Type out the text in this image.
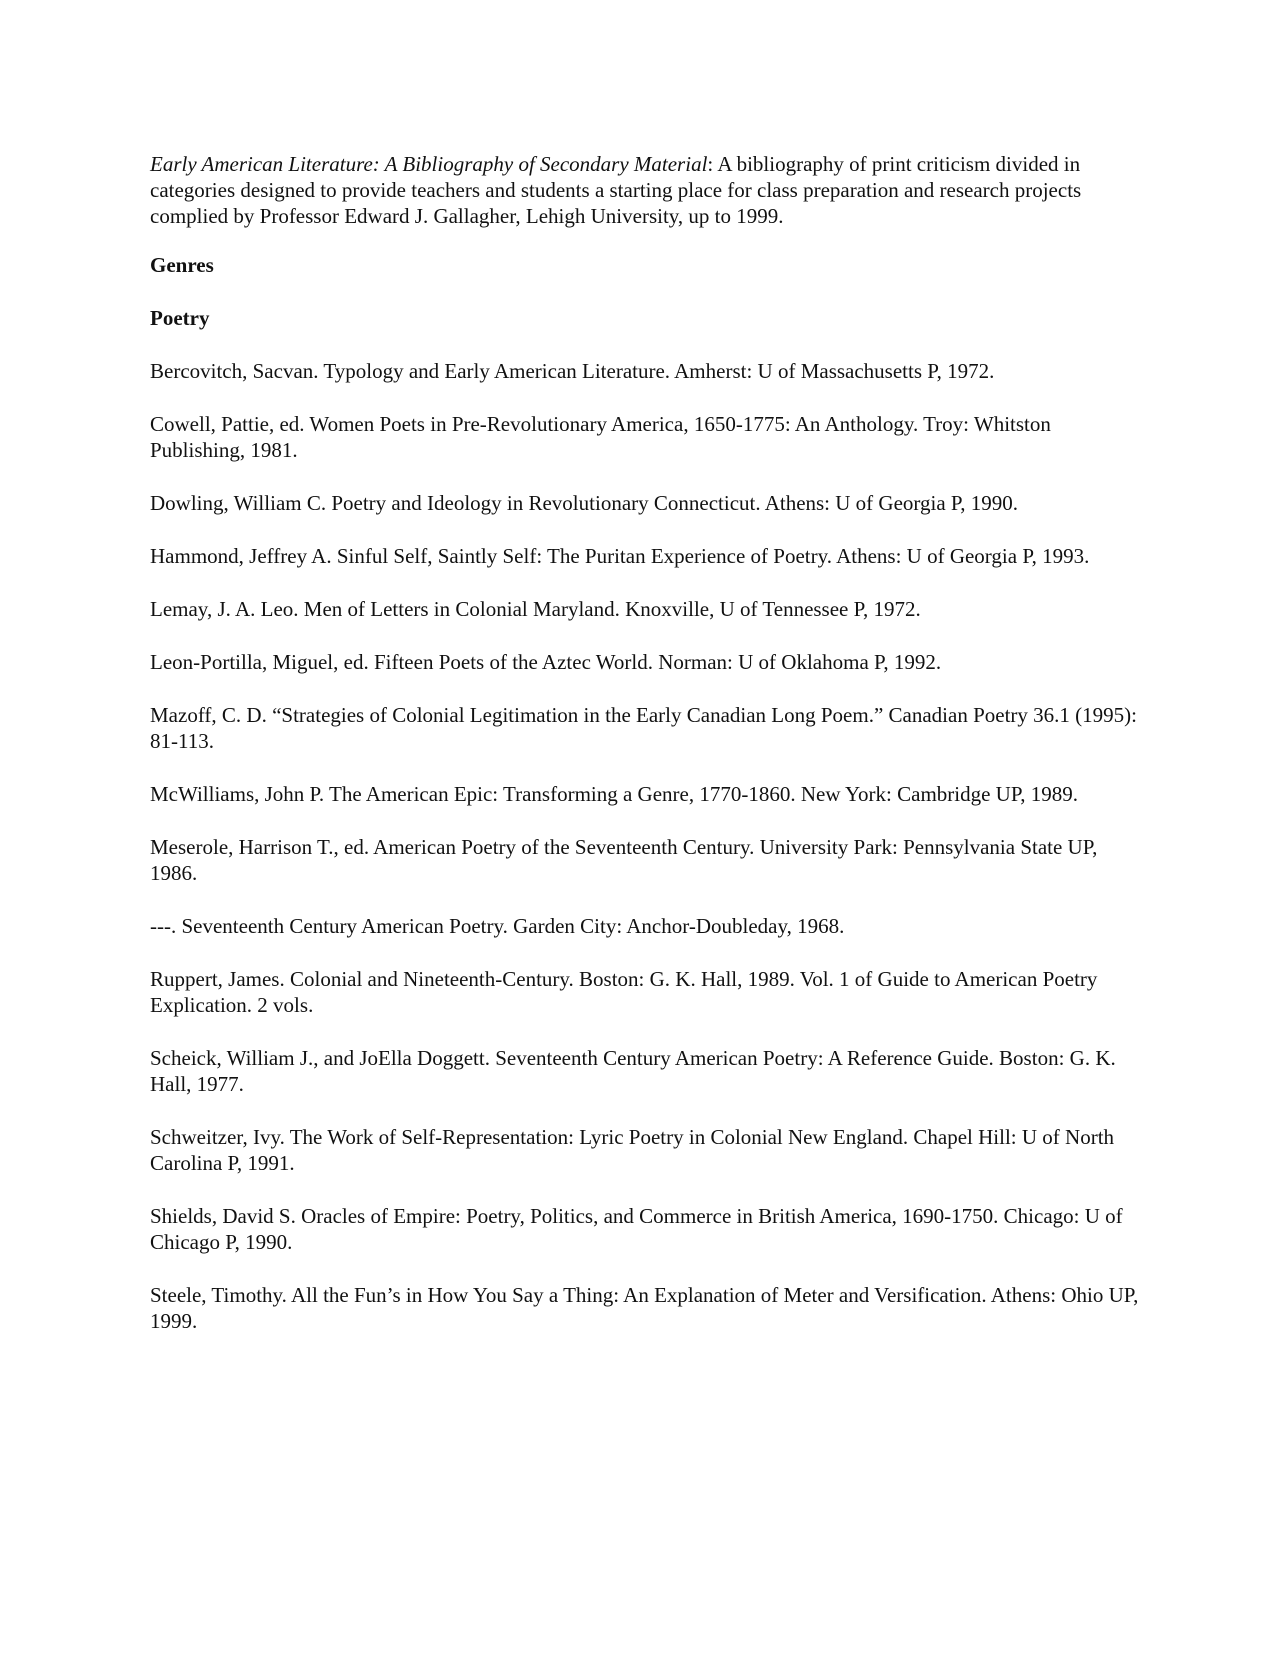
Early American Literature: A Bibliography of Secondary Material: A bibliography of print criticism divided in categories designed to provide teachers and students a starting place for class preparation and research projects complied by Professor Edward J. Gallagher, Lehigh University, up to 1999.

Genres
Poetry
Bercovitch, Sacvan. Typology and Early American Literature. Amherst: U of Massachusetts P, 1972.
Cowell, Pattie, ed. Women Poets in Pre-Revolutionary America, 1650-1775: An Anthology. Troy: Whitston Publishing, 1981.
Dowling, William C. Poetry and Ideology in Revolutionary Connecticut. Athens: U of Georgia P, 1990.
Hammond, Jeffrey A. Sinful Self, Saintly Self: The Puritan Experience of Poetry. Athens: U of Georgia P, 1993.
Lemay, J. A. Leo. Men of Letters in Colonial Maryland. Knoxville, U of Tennessee P, 1972.
Leon-Portilla, Miguel, ed. Fifteen Poets of the Aztec World. Norman: U of Oklahoma P, 1992.
Mazoff, C. D. “Strategies of Colonial Legitimation in the Early Canadian Long Poem.” Canadian Poetry 36.1 (1995): 81-113.
McWilliams, John P. The American Epic: Transforming a Genre, 1770-1860. New York: Cambridge UP, 1989.
Meserole, Harrison T., ed. American Poetry of the Seventeenth Century. University Park: Pennsylvania State UP, 1986.
---. Seventeenth Century American Poetry. Garden City: Anchor-Doubleday, 1968.
Ruppert, James. Colonial and Nineteenth-Century. Boston: G. K. Hall, 1989. Vol. 1 of Guide to American Poetry Explication. 2 vols.
Scheick, William J., and JoElla Doggett. Seventeenth Century American Poetry: A Reference Guide. Boston: G. K. Hall, 1977.
Schweitzer, Ivy. The Work of Self-Representation: Lyric Poetry in Colonial New England. Chapel Hill: U of North Carolina P, 1991.
Shields, David S. Oracles of Empire: Poetry, Politics, and Commerce in British America, 1690-1750. Chicago: U of Chicago P, 1990.
Steele, Timothy. All the Fun’s in How You Say a Thing: An Explanation of Meter and Versification. Athens: Ohio UP, 1999.
